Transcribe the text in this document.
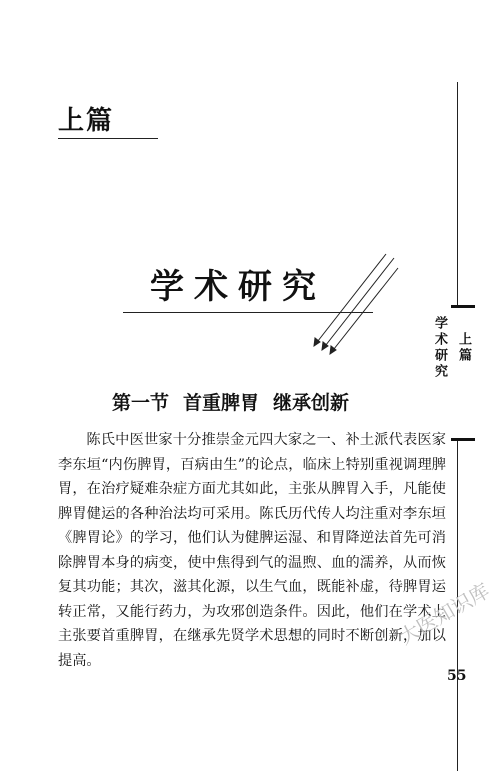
上篇
学术研究
第一节 首重脾胃 继承创新

陈氏中医世家十分推崇金元四大家之一、补土派代表医家李东垣“内伤脾胃，百病由生”的论点，临床上特别重视调理脾胃，在治疗疑难杂症方面尤其如此，主张从脾胃入手，凡能使脾胃健运的各种治法均可采用。陈氏历代传人均注重对李东垣《脾胃论》的学习，他们认为健脾运湿、和胃降逆法首先可消除脾胃本身的病变，使中焦得到气的温煦、血的濡养，从而恢复其功能；其次，滋其化源，以生气血，既能补虚，待脾胃运转正常，又能行药力，为攻邪创造条件。因此，他们在学术上主张要首重脾胃，在继承先贤学术思想的同时不断创新，加以提高。

上篇
学术研究
大医知识库
55
